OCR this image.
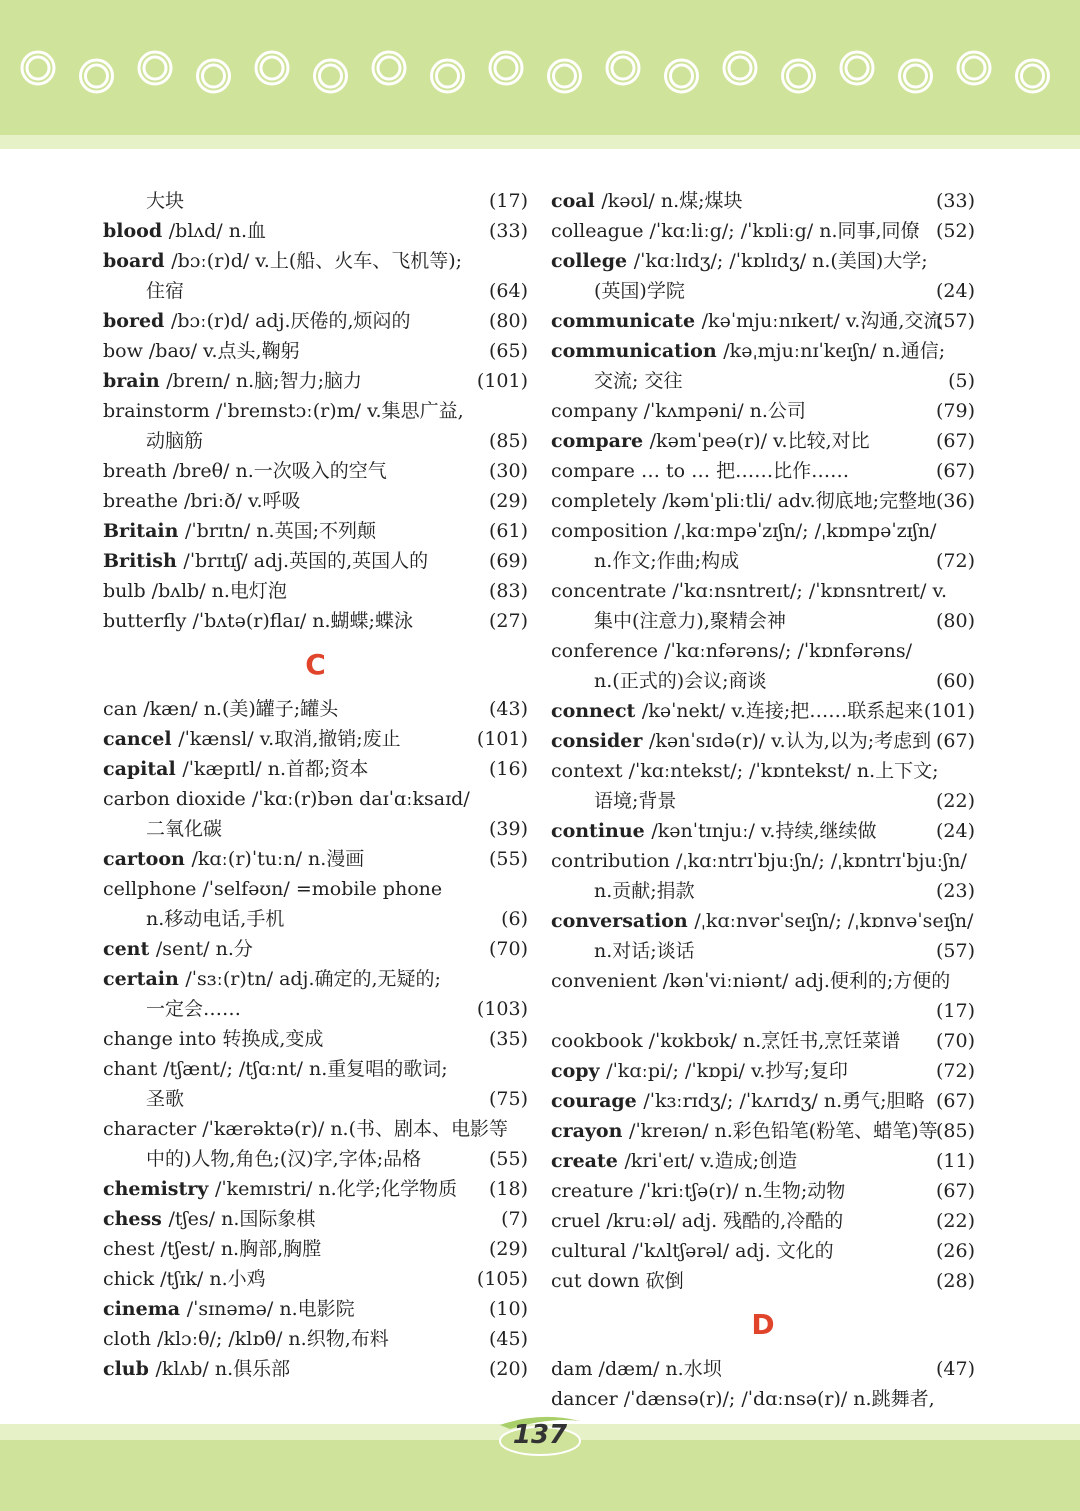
大块	(17)
blood /blʌd/ n.血	(33)
board /bɔː(r)d/ v.上(船、火车、飞机等);
住宿	(64)
bored /bɔː(r)d/ adj.厌倦的,烦闷的	(80)
bow /baʊ/ v.点头,鞠躬	(65)
brain /breɪn/ n.脑;智力;脑力	(101)
brainstorm /ˈbreɪnstɔː(r)m/ v.集思广益,
动脑筋	(85)
breath /breθ/ n.一次吸入的空气	(30)
breathe /briːð/ v.呼吸	(29)
Britain /ˈbrɪtn/ n.英国;不列颠	(61)
British /ˈbrɪtɪʃ/ adj.英国的,英国人的	(69)
bulb /bʌlb/ n.电灯泡	(83)
butterfly /ˈbʌtə(r)flaɪ/ n.蝴蝶;蝶泳	(27)
C
can /kæn/ n.(美)罐子;罐头	(43)
cancel /ˈkænsl/ v.取消,撤销;废止	(101)
capital /ˈkæpɪtl/ n.首都;资本	(16)
carbon dioxide /ˈkɑː(r)bən daɪˈɑːksaɪd/
二氧化碳	(39)
cartoon /kɑː(r)ˈtuːn/ n.漫画	(55)
cellphone /ˈselfəʊn/ =mobile phone
n.移动电话,手机	(6)
cent /sent/ n.分	(70)
certain /ˈsɜː(r)tn/ adj.确定的,无疑的;
一定会……	(103)
change into 转换成,变成	(35)
chant /tʃænt/; /tʃɑːnt/ n.重复唱的歌词;
圣歌	(75)
character /ˈkærəktə(r)/ n.(书、剧本、电影等
中的)人物,角色;(汉)字,字体;品格	(55)
chemistry /ˈkemɪstri/ n.化学;化学物质 (18)
chess /tʃes/ n.国际象棋	(7)
chest /tʃest/ n.胸部,胸膛	(29)
chick /tʃɪk/ n.小鸡	(105)
cinema /ˈsɪnəmə/ n.电影院	(10)
cloth /klɔːθ/; /klɒθ/ n.织物,布料	(45)
club /klʌb/ n.俱乐部	(20)
coal /kəʊl/ n.煤;煤块	(33)
colleague /ˈkɑːliːg/; /ˈkɒliːg/ n.同事,同僚 (52)
college /ˈkɑːlɪdʒ/; /ˈkɒlɪdʒ/ n.(美国)大学;
(英国)学院	(24)
communicate /kəˈmjuːnɪkeɪt/ v.沟通,交流
(57)
communication /kəˌmjuːnɪˈkeɪʃn/ n.通信;
交流; 交往	(5)
company /ˈkʌmpəni/ n.公司	(79)
compare /kəmˈpeə(r)/ v.比较,对比	(67)
compare … to … 把……比作……	(67)
completely /kəmˈpliːtli/ adv.彻底地;完整地 (36)
composition /ˌkɑːmpəˈzɪʃn/; /ˌkɒmpəˈzɪʃn/
n.作文;作曲;构成	(72)
concentrate /ˈkɑːnsntreɪt/; /ˈkɒnsntreɪt/ v.
集中(注意力),聚精会神	(80)
conference /ˈkɑːnfərəns/; /ˈkɒnfərəns/
n.(正式的)会议;商谈	(60)
connect /kəˈnekt/ v.连接;把……联系起来 (101)
consider /kənˈsɪdə(r)/ v.认为,以为;考虑到 (67)
context /ˈkɑːntekst/; /ˈkɒntekst/ n.上下文;
语境;背景	(22)
continue /kənˈtɪnjuː/ v.持续,继续做	(24)
contribution /ˌkɑːntrɪˈbjuːʃn/; /ˌkɒntrɪˈbjuːʃn/
n.贡献;捐款	(23)
conversation /ˌkɑːnvərˈseɪʃn/; /ˌkɒnvəˈseɪʃn/
n.对话;谈话	(57)
convenient /kənˈviːniənt/ adj.便利的;方便的
(17)
cookbook /ˈkʊkbʊk/ n.烹饪书,烹饪菜谱 (70)
copy /ˈkɑːpi/; /ˈkɒpi/ v.抄写;复印	(72)
courage /ˈkɜːrɪdʒ/; /ˈkʌrɪdʒ/ n.勇气;胆略 (67)
crayon /ˈkreɪən/ n.彩色铅笔(粉笔、蜡笔)等
(85)
create /kriˈeɪt/ v.造成;创造	(11)
creature /ˈkriːtʃə(r)/ n.生物;动物	(67)
cruel /kruːəl/ adj. 残酷的,冷酷的	(22)
cultural /ˈkʌltʃərəl/ adj. 文化的	(26)
cut down 砍倒	(28)
D
dam /dæm/ n.水坝	(47)
dancer /ˈdænsə(r)/; /ˈdɑːnsə(r)/ n.跳舞者,
137
